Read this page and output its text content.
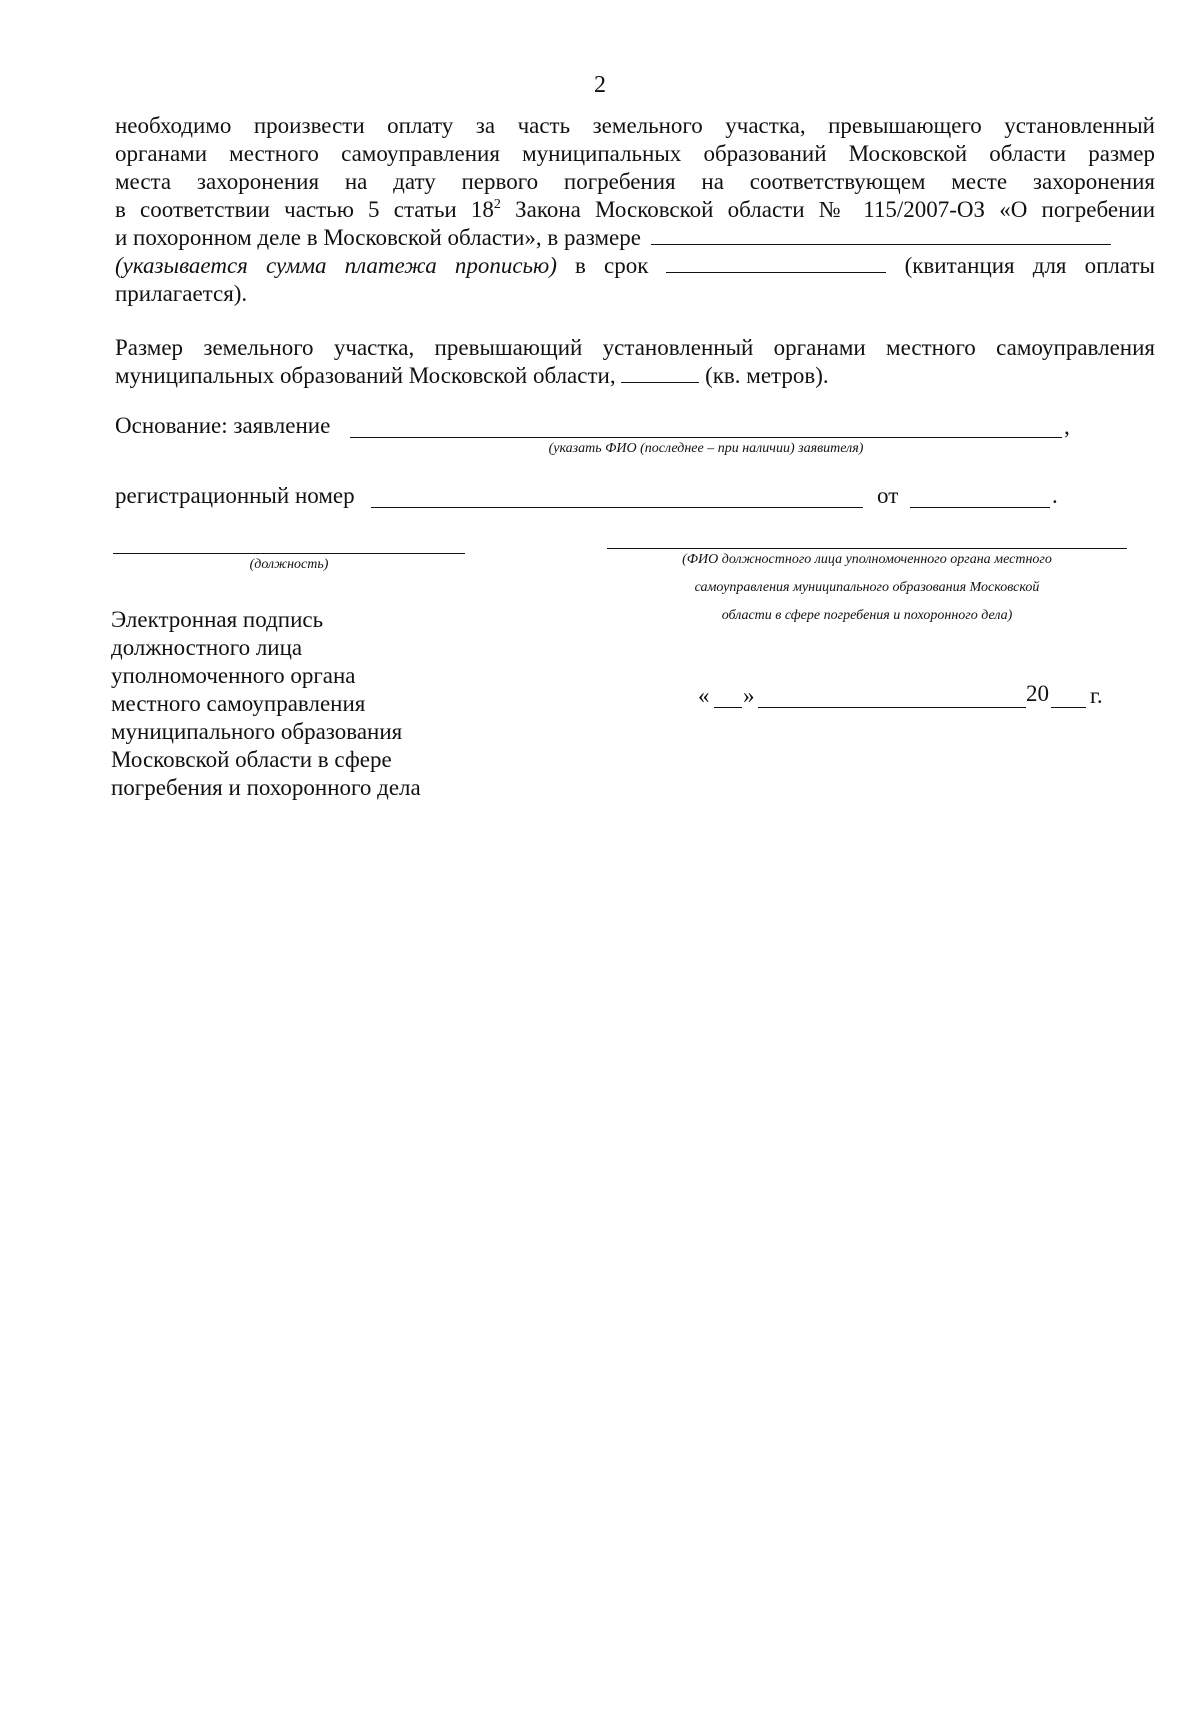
2
необходимо произвести оплату за часть земельного участка, превышающего установленный
органами местного самоуправления муниципальных образований Московской области размер
места захоронения на дату первого погребения на соответствующем месте захоронения
в соответствии частью 5 статьи $18^2$ Закона Московской области № 115/2007-ОЗ «О погребении
и похоронном деле в Московской области», в размере
(указывается сумма платежа прописью) в срок	(квитанция для оплаты
прилагается).
Размер земельного участка, превышающий установленный органами местного самоуправления
муниципальных образований Московской области,	(кв. метров).
Основание: заявление	,
(указать ФИО (последнее – при наличии) заявителя)
регистрационный номер	от	.
(должность)	(ФИО должностного лица уполномоченного органа местного
самоуправления муниципального образования Московской
области в сфере погребения и похоронного дела)
Электронная подпись
должностного лица
уполномоченного органа
местного самоуправления
муниципального образования
Московской области в сфере
погребения и похоронного дела
« »	20 г.
